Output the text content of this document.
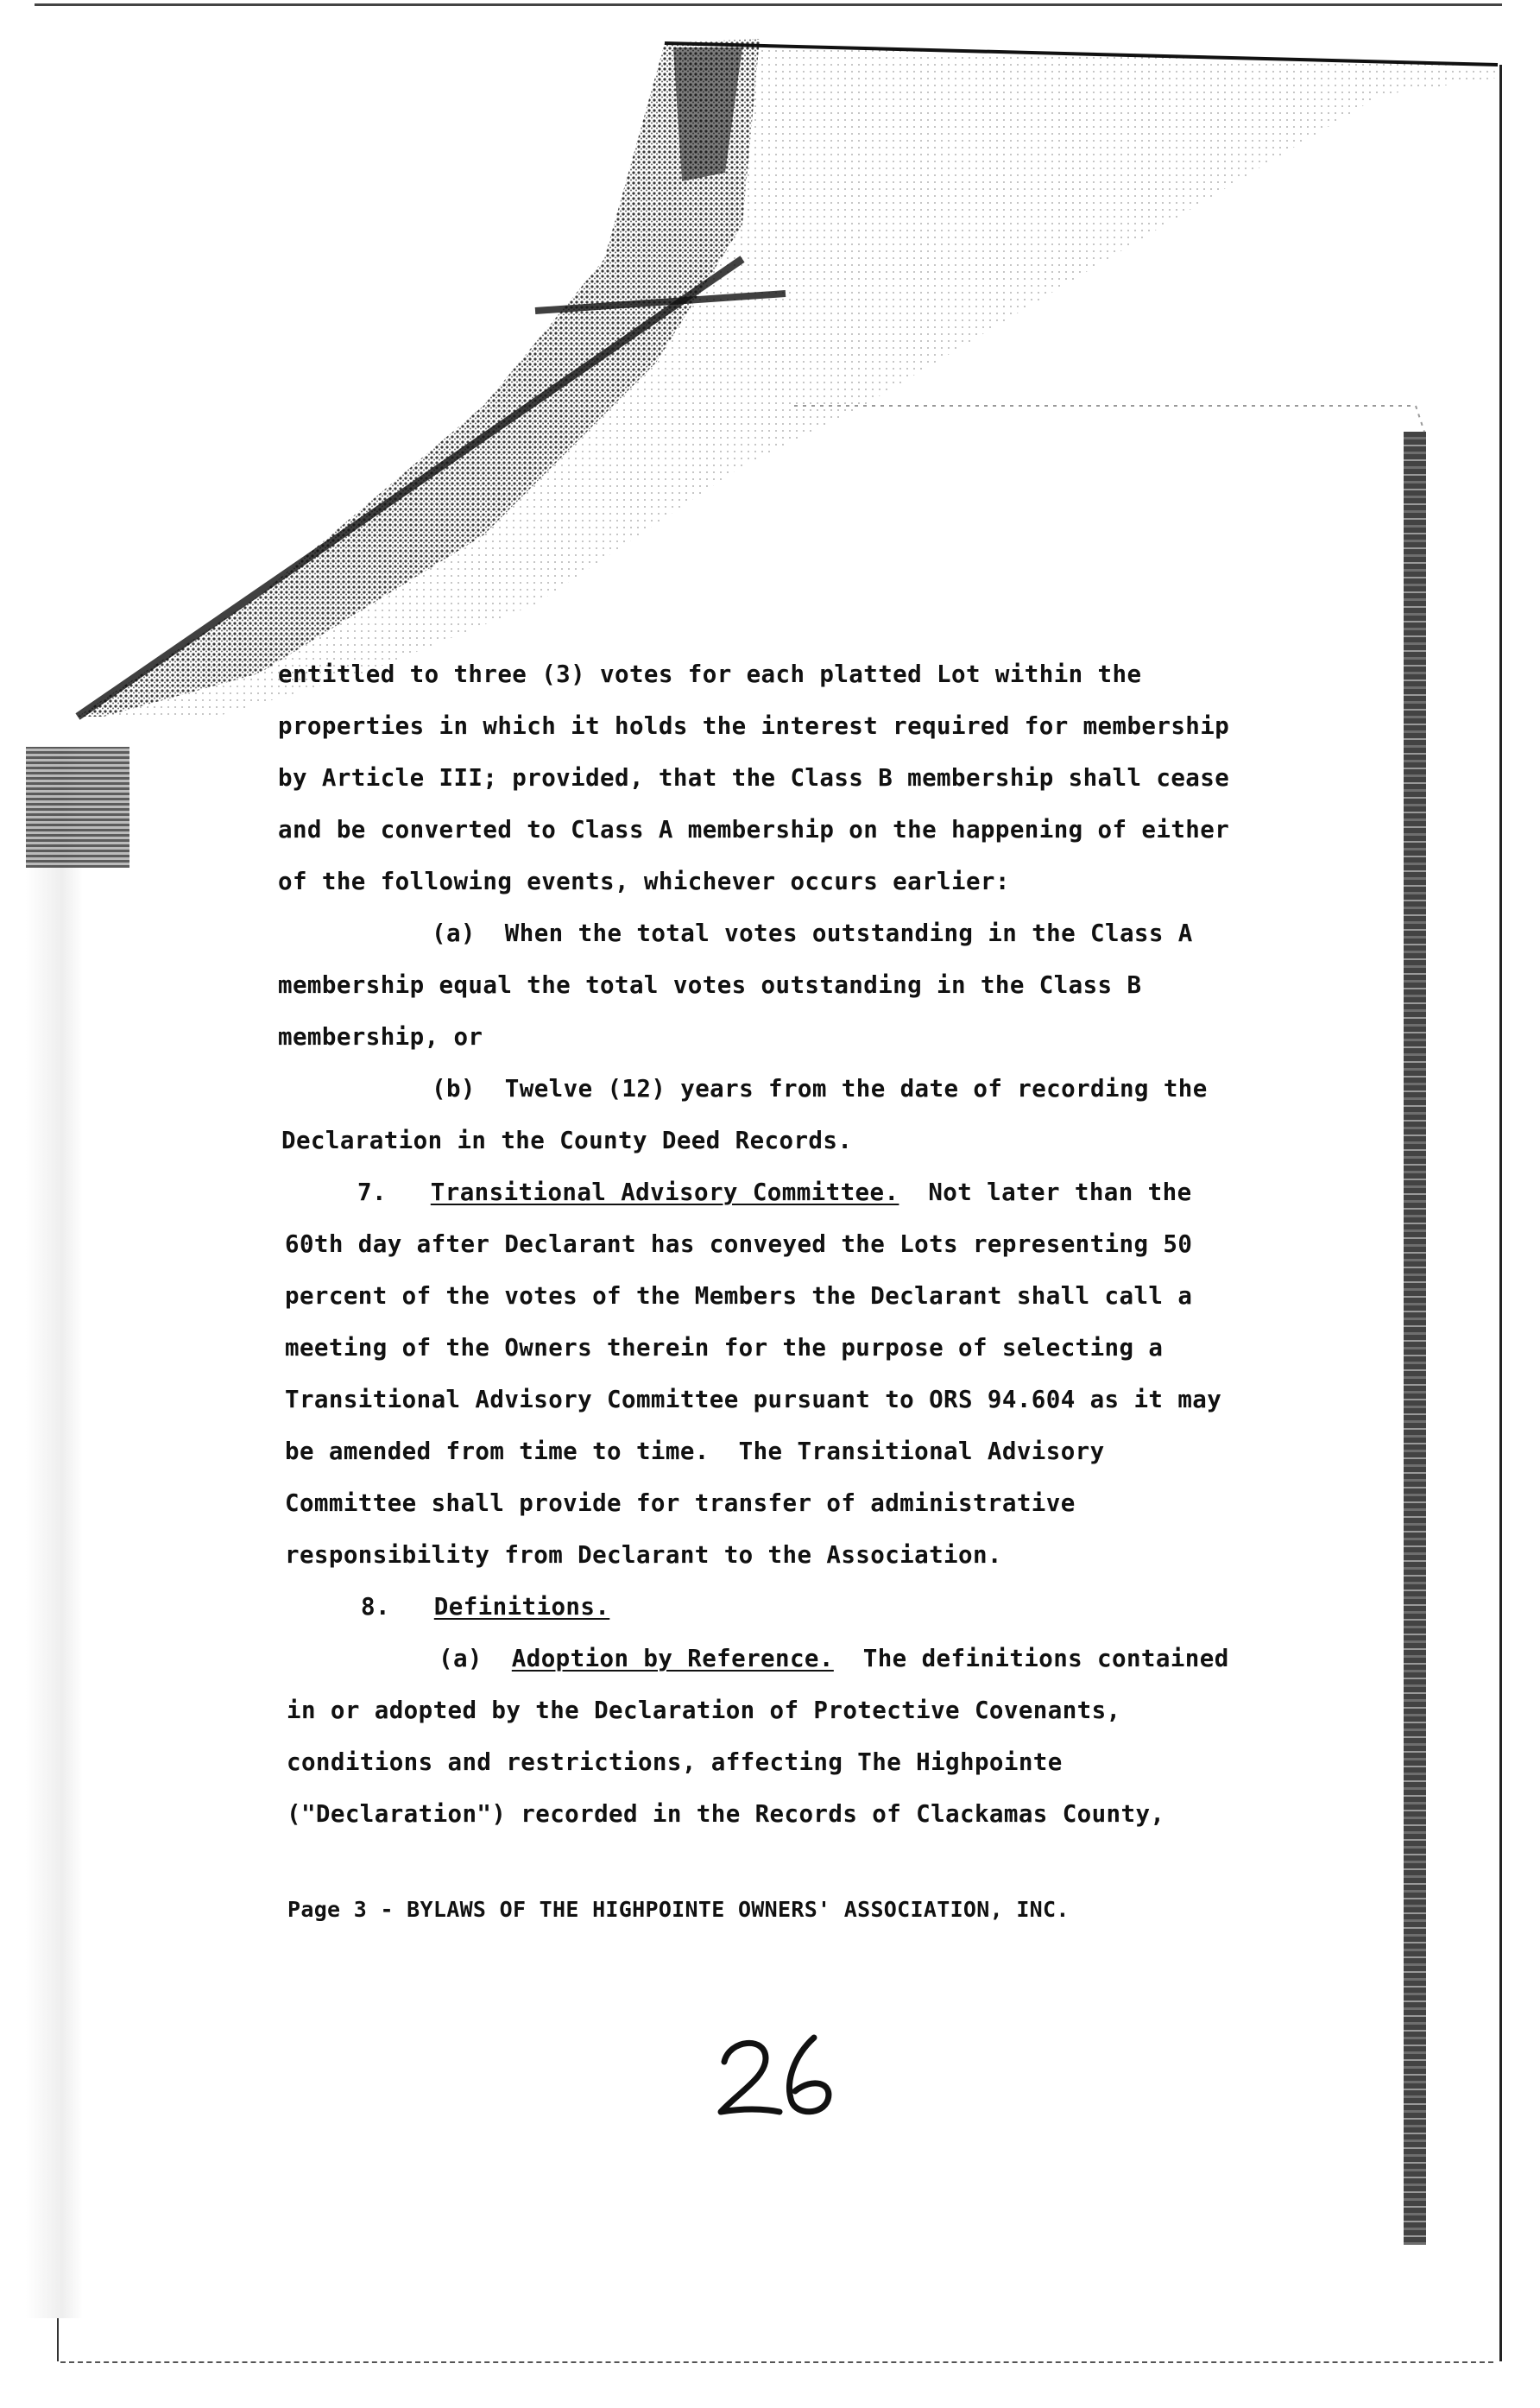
entitled to three (3) votes for each platted Lot within the
properties in which it holds the interest required for membership
by Article III; provided, that the Class B membership shall cease
and be converted to Class A membership on the happening of either
of the following events, whichever occurs earlier:
(a)  When the total votes outstanding in the Class A
membership equal the total votes outstanding in the Class B
membership, or
(b)  Twelve (12) years from the date of recording the
Declaration in the County Deed Records.
7. Transitional Advisory Committee.  Not later than the
60th day after Declarant has conveyed the Lots representing 50
percent of the votes of the Members the Declarant shall call a
meeting of the Owners therein for the purpose of selecting a
Transitional Advisory Committee pursuant to ORS 94.604 as it may
be amended from time to time.  The Transitional Advisory
Committee shall provide for transfer of administrative
responsibility from Declarant to the Association.
8. Definitions.
(a) Adoption by Reference.  The definitions contained
in or adopted by the Declaration of Protective Covenants,
conditions and restrictions, affecting The Highpointe
("Declaration") recorded in the Records of Clackamas County,
Page 3 - BYLAWS OF THE HIGHPOINTE OWNERS' ASSOCIATION, INC.
